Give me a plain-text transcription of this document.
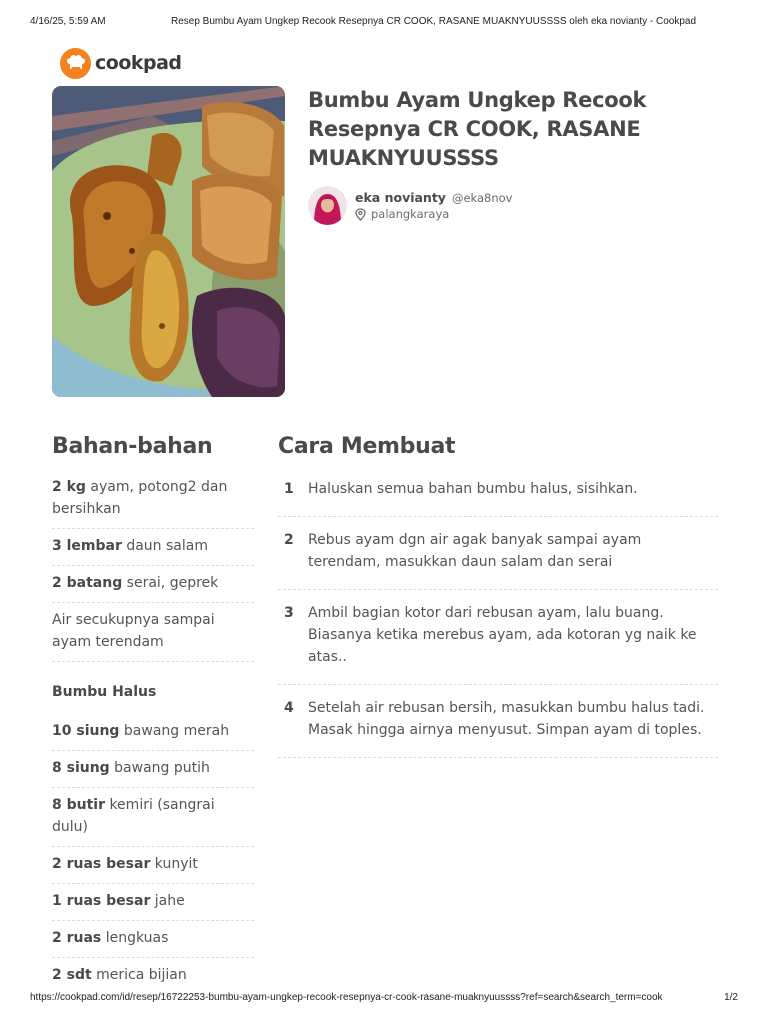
4/16/25, 5:59 AM	Resep Bumbu Ayam Ungkep Recook Resepnya CR COOK, RASANE MUAKNYUUSSSS oleh eka novianty - Cookpad
cookpad
Bumbu Ayam Ungkep Recook Resepnya CR COOK, RASANE MUAKNYUUSSSS
eka novianty @eka8nov
palangkaraya
Bahan-bahan	Cara Membuat
2 kg ayam, potong2 dan bersihkan
3 lembar daun salam
2 batang serai, geprek
Air secukupnya sampai ayam terendam
Bumbu Halus
10 siung bawang merah
8 siung bawang putih
8 butir kemiri (sangrai dulu)
2 ruas besar kunyit
1 ruas besar jahe
2 ruas lengkuas
2 sdt merica bijian
1	Haluskan semua bahan bumbu halus, sisihkan.
2	Rebus ayam dgn air agak banyak sampai ayam terendam, masukkan daun salam dan serai
3	Ambil bagian kotor dari rebusan ayam, lalu buang. Biasanya ketika merebus ayam, ada kotoran yg naik ke atas..
4	Setelah air rebusan bersih, masukkan bumbu halus tadi. Masak hingga airnya menyusut. Simpan ayam di toples.
https://cookpad.com/id/resep/16722253-bumbu-ayam-ungkep-recook-resepnya-cr-cook-rasane-muaknyuussss?ref=search&search_term=cook	1/2
